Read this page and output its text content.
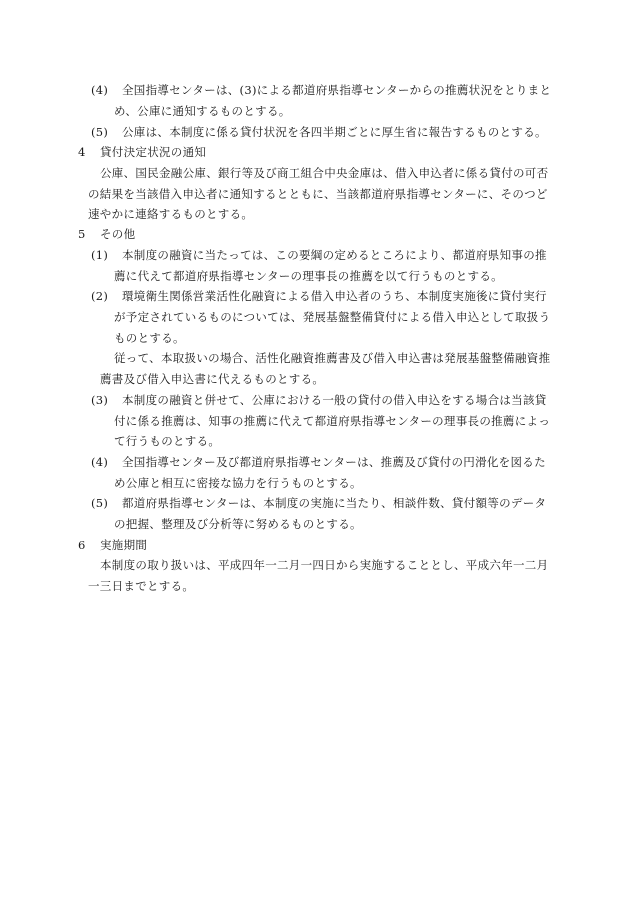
(4) 全国指導センターは、(3)による都道府県指導センターからの推薦状況をとりまと
め、公庫に通知するものとする。
(5) 公庫は、本制度に係る貸付状況を各四半期ごとに厚生省に報告するものとする。
4 貸付決定状況の通知
公庫、国民金融公庫、銀行等及び商工組合中央金庫は、借入申込者に係る貸付の可否
の結果を当該借入申込者に通知するとともに、当該都道府県指導センターに、そのつど
速やかに連絡するものとする。
5 その他
(1) 本制度の融資に当たっては、この要綱の定めるところにより、都道府県知事の推
薦に代えて都道府県指導センターの理事長の推薦を以て行うものとする。
(2) 環境衛生関係営業活性化融資による借入申込者のうち、本制度実施後に貸付実行
が予定されているものについては、発展基盤整備貸付による借入申込として取扱う
ものとする。
従って、本取扱いの場合、活性化融資推薦書及び借入申込書は発展基盤整備融資推
薦書及び借入申込書に代えるものとする。
(3) 本制度の融資と併せて、公庫における一般の貸付の借入申込をする場合は当該貸
付に係る推薦は、知事の推薦に代えて都道府県指導センターの理事長の推薦によっ
て行うものとする。
(4) 全国指導センター及び都道府県指導センターは、推薦及び貸付の円滑化を図るた
め公庫と相互に密接な協力を行うものとする。
(5) 都道府県指導センターは、本制度の実施に当たり、相談件数、貸付額等のデータ
の把握、整理及び分析等に努めるものとする。
6 実施期間
本制度の取り扱いは、平成四年一二月一四日から実施することとし、平成六年一二月
一三日までとする。
